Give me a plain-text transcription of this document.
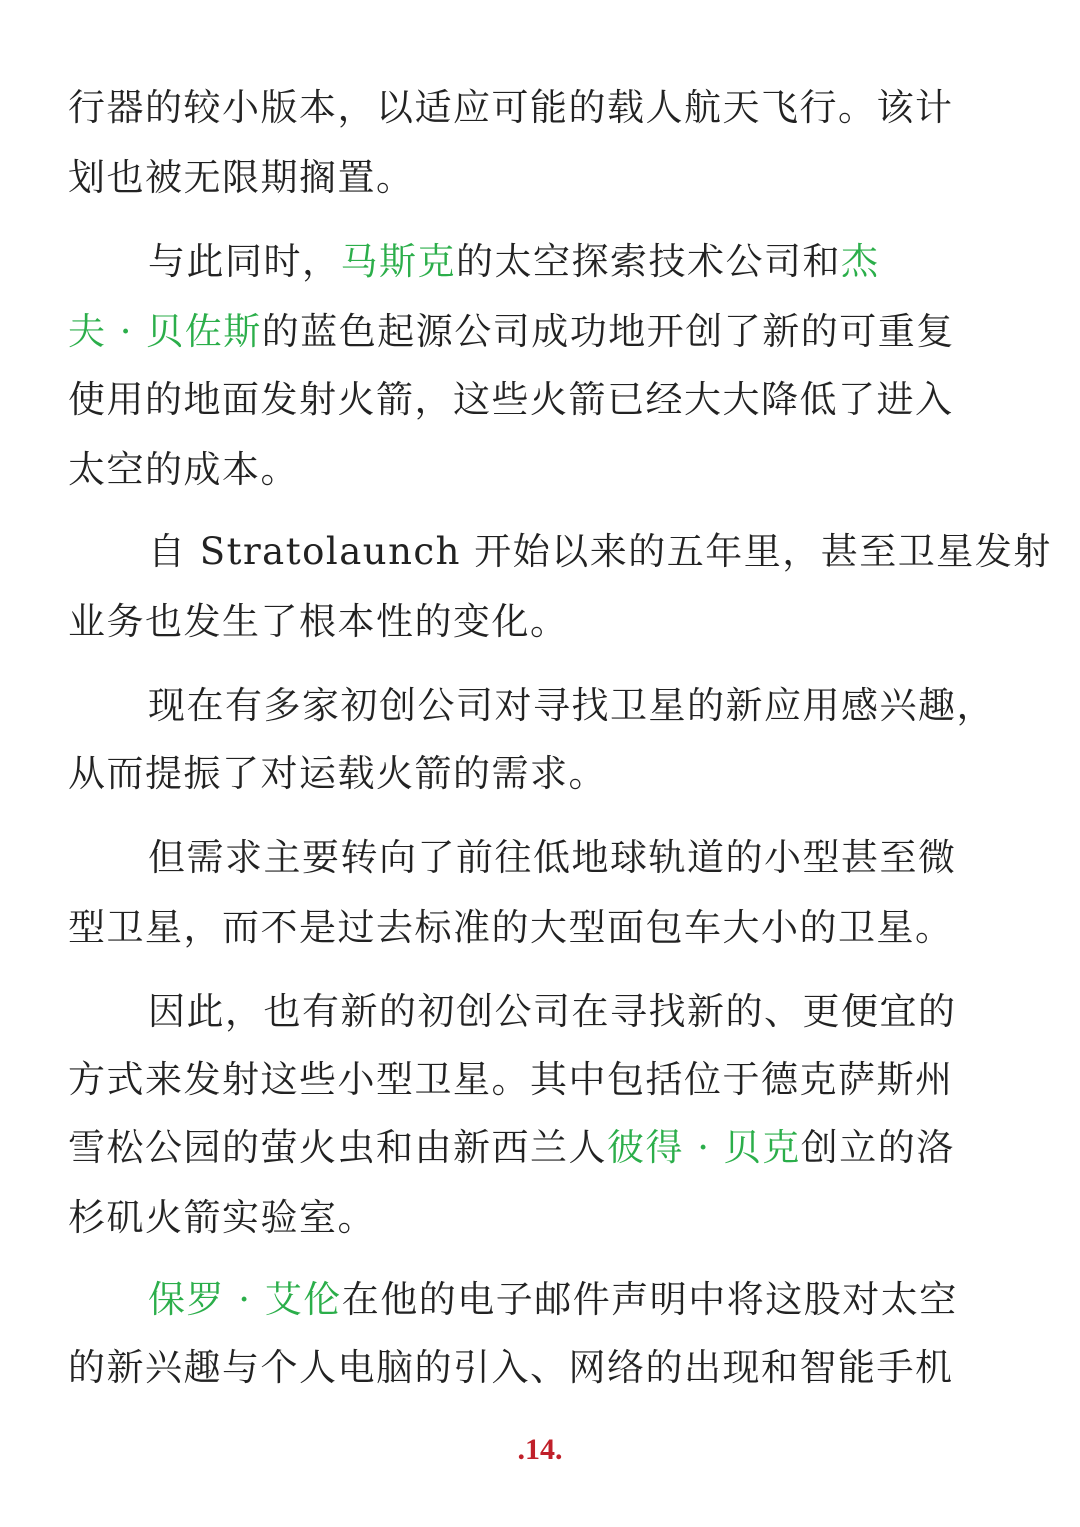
行器的较小版本，以适应可能的载人航天飞行。该计
划也被无限期搁置。
与此同时，马斯克的太空探索技术公司和杰
夫 · 贝佐斯的蓝色起源公司成功地开创了新的可重复
使用的地面发射火箭，这些火箭已经大大降低了进入
太空的成本。
自 Stratolaunch 开始以来的五年里，甚至卫星发射
业务也发生了根本性的变化。
现在有多家初创公司对寻找卫星的新应用感兴趣，
从而提振了对运载火箭的需求。
但需求主要转向了前往低地球轨道的小型甚至微
型卫星，而不是过去标准的大型面包车大小的卫星。
因此，也有新的初创公司在寻找新的、更便宜的
方式来发射这些小型卫星。其中包括位于德克萨斯州
雪松公园的萤火虫和由新西兰人彼得 · 贝克创立的洛
杉矶火箭实验室。
保罗 · 艾伦在他的电子邮件声明中将这股对太空
的新兴趣与个人电脑的引入、网络的出现和智能手机
.14.
